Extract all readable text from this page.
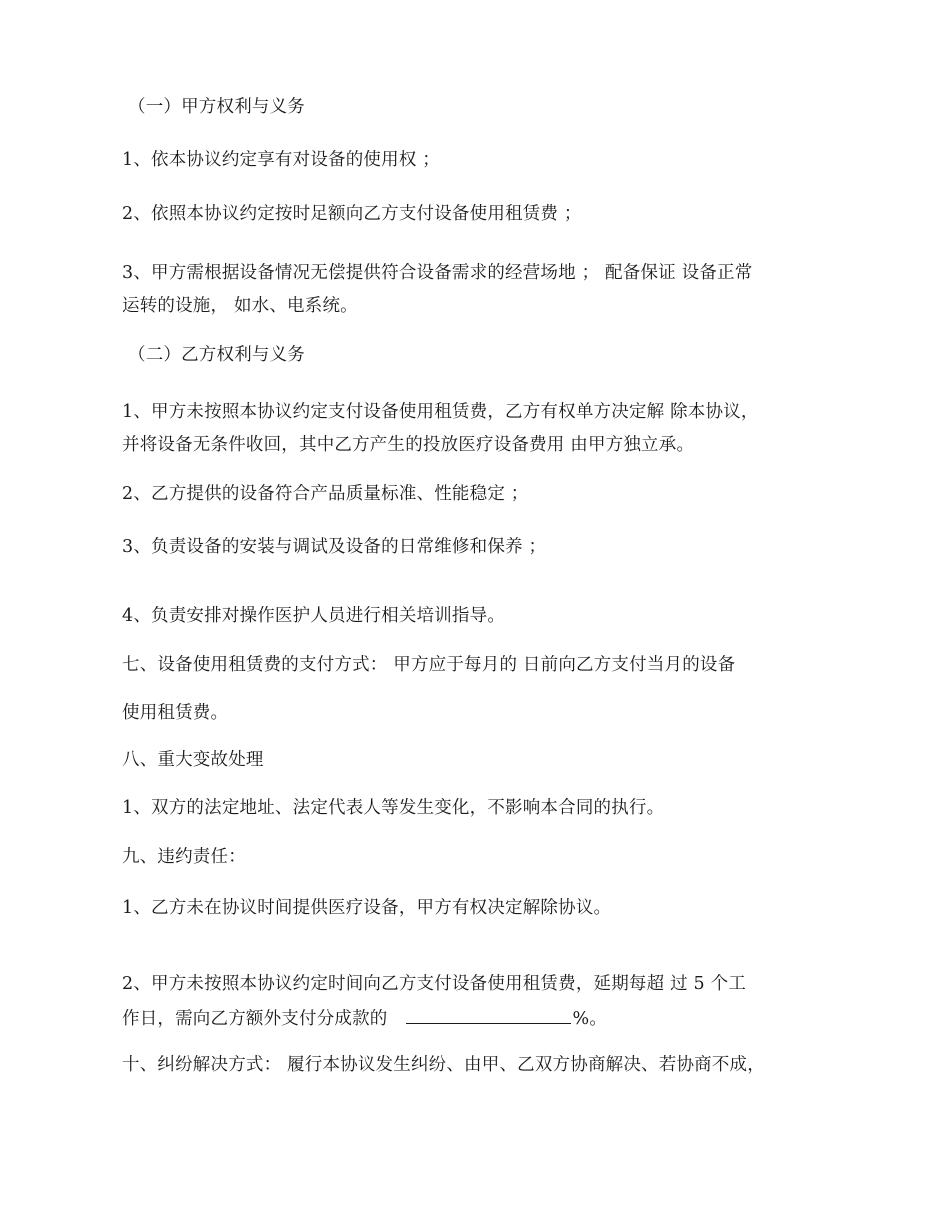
（一）甲方权利与义务
1、依本协议约定享有对设备的使用权 ；
2、依照本协议约定按时足额向乙方支付设备使用租赁费 ；
3、甲方需根据设备情况无偿提供符合设备需求的经营场地 ； 配备保证 设备正常
运转的设施， 如水、电系统。
（二）乙方权利与义务
1、甲方未按照本协议约定支付设备使用租赁费，乙方有权单方决定解 除本协议，
并将设备无条件收回，其中乙方产生的投放医疗设备费用 由甲方独立承。
2、乙方提供的设备符合产品质量标准、性能稳定 ；
3、负责设备的安装与调试及设备的日常维修和保养 ；
4、负责安排对操作医护人员进行相关培训指导。
七、设备使用租赁费的支付方式： 甲方应于每月的 日前向乙方支付当月的设备
使用租赁费。
八、重大变故处理
1、双方的法定地址、法定代表人等发生变化，不影响本合同的执行。
九、违约责任：
1、乙方未在协议时间提供医疗设备，甲方有权决定解除协议。
2、甲方未按照本协议约定时间向乙方支付设备使用租赁费，延期每超 过 5 个工
作日，需向乙方额外支付分成款的	%。
十、纠纷解决方式： 履行本协议发生纠纷、由甲、乙双方协商解决、若协商不成，
